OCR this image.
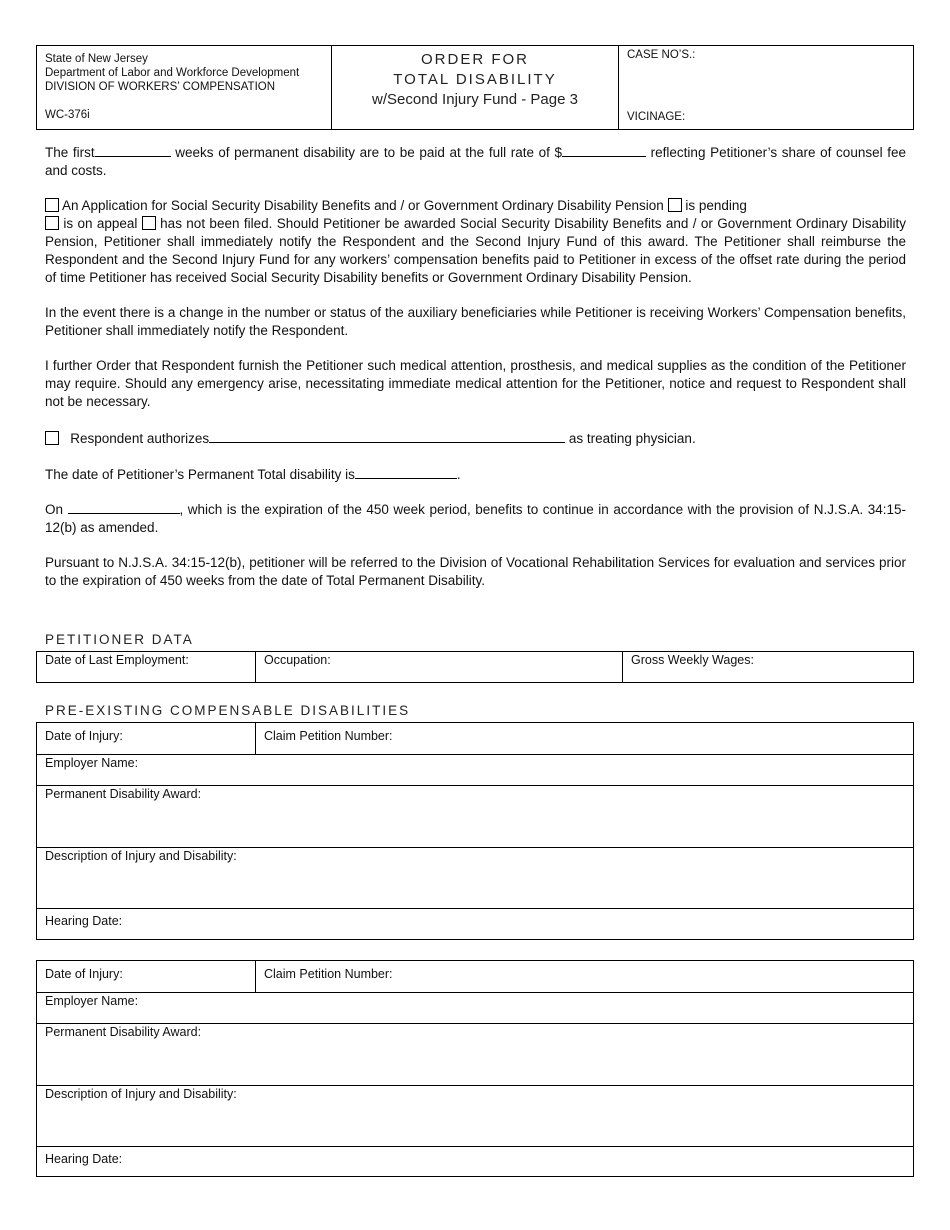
State of New Jersey
Department of Labor and Workforce Development
DIVISION OF WORKERS’ COMPENSATION
WC-376i
ORDER FOR
TOTAL DISABILITY
w/Second Injury Fund - Page 3
CASE NO’S.:
VICINAGE:
The first	weeks of permanent disability are to be paid at the full rate of $	reflecting Petitioner’s share of counsel fee and costs.
An Application for Social Security Disability Benefits and / or Government Ordinary Disability Pension is pending
is on appeal has not been filed. Should Petitioner be awarded Social Security Disability Benefits and / or Government Ordinary Disability Pension, Petitioner shall immediately notify the Respondent and the Second Injury Fund of this award. The Petitioner shall reimburse the Respondent and the Second Injury Fund for any workers’ compensation benefits paid to Petitioner in excess of the offset rate during the period of time Petitioner has received Social Security Disability benefits or Government Ordinary Disability Pension.
In the event there is a change in the number or status of the auxiliary beneficiaries while Petitioner is receiving Workers’ Compensation benefits, Petitioner shall immediately notify the Respondent.
I further Order that Respondent furnish the Petitioner such medical attention, prosthesis, and medical supplies as the condition of the Petitioner may require. Should any emergency arise, necessitating immediate medical attention for the Petitioner, notice and request to Respondent shall not be necessary.
Respondent authorizes	as treating physician.
The date of Petitioner’s Permanent Total disability is	.
On	, which is the expiration of the 450 week period, benefits to continue in accordance with the provision of N.J.S.A. 34:15-12(b) as amended.
Pursuant to N.J.S.A. 34:15-12(b), petitioner will be referred to the Division of Vocational Rehabilitation Services for evaluation and services prior to the expiration of 450 weeks from the date of Total Permanent Disability.
PETITIONER DATA
Date of Last Employment:	Occupation:	Gross Weekly Wages:
PRE-EXISTING COMPENSABLE DISABILITIES
Date of Injury:	Claim Petition Number:
Employer Name:
Permanent Disability Award:
Description of Injury and Disability:
Hearing Date:
Date of Injury:	Claim Petition Number:
Employer Name:
Permanent Disability Award:
Description of Injury and Disability:
Hearing Date:
